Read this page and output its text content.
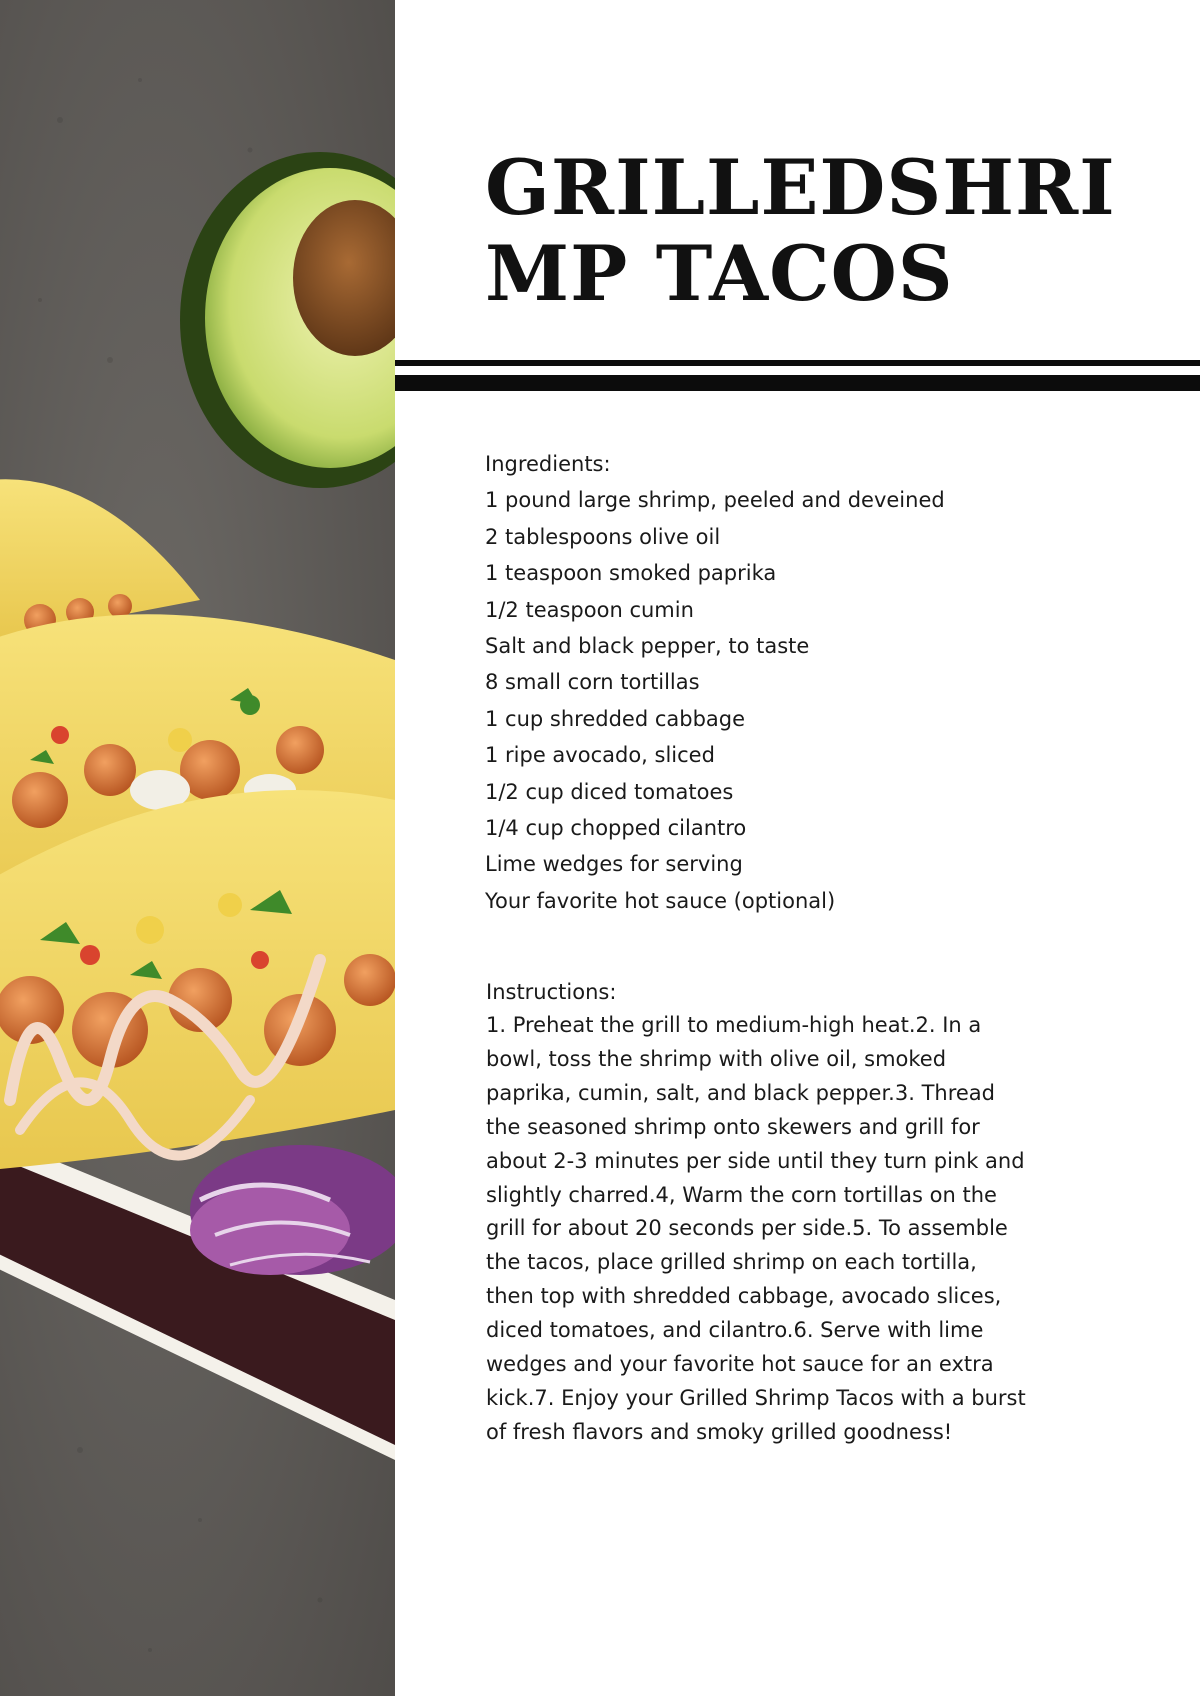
GRILLEDSHRIMP TACOS
Ingredients:
1 pound large shrimp, peeled and deveined
2 tablespoons olive oil
1 teaspoon smoked paprika
1/2 teaspoon cumin
Salt and black pepper, to taste
8 small corn tortillas
1 cup shredded cabbage
1 ripe avocado, sliced
1/2 cup diced tomatoes
1/4 cup chopped cilantro
Lime wedges for serving
Your favorite hot sauce (optional)
Instructions:
1. Preheat the grill to medium-high heat.2. In a bowl, toss the shrimp with olive oil, smoked paprika, cumin, salt, and black pepper.3. Thread the seasoned shrimp onto skewers and grill for about 2-3 minutes per side until they turn pink and slightly charred.4, Warm the corn tortillas on the grill for about 20 seconds per side.5. To assemble the tacos, place grilled shrimp on each tortilla, then top with shredded cabbage, avocado slices, diced tomatoes, and cilantro.6. Serve with lime wedges and your favorite hot sauce for an extra kick.7. Enjoy your Grilled Shrimp Tacos with a burst of fresh flavors and smoky grilled goodness!
